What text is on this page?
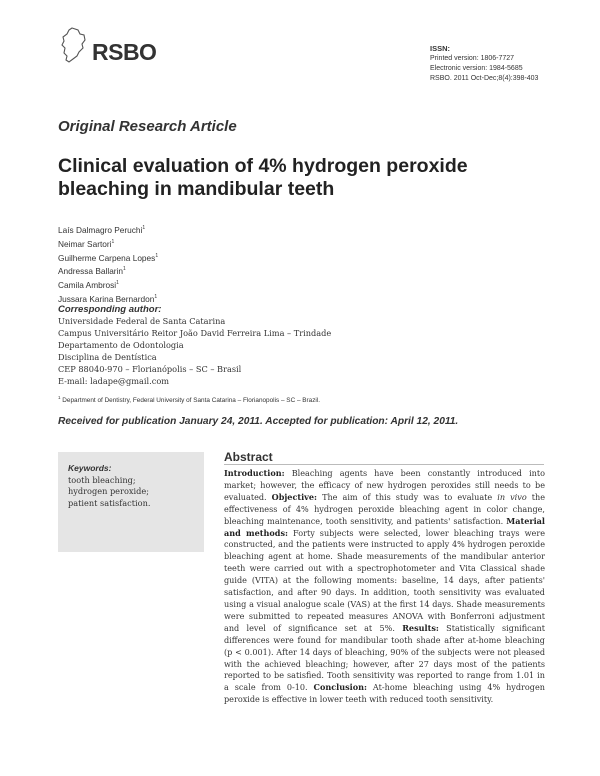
RSBO	ISSN:
Printed version: 1806-7727
Electronic version: 1984-5685
RSBO. 2011 Oct-Dec;8(4):398-403
Original Research Article
Clinical evaluation of 4% hydrogen peroxide bleaching in mandibular teeth
Laís Dalmagro Peruchi$^1$
Neimar Sartori$^1$
Guilherme Carpena Lopes$^1$
Andressa Ballarin$^1$
Camila Ambrosi$^1$
Jussara Karina Bernardon$^1$
Corresponding author:
Universidade Federal de Santa Catarina
Campus Universitário Reitor João David Ferreira Lima – Trindade
Departamento de Odontologia
Disciplina de Dentística
CEP 88040-970 – Florianópolis – SC – Brasil
E-mail: ladape@gmail.com
$^1$ Department of Dentistry, Federal University of Santa Catarina – Florianopolis – SC – Brazil.
Received for publication January 24, 2011. Accepted for publication: April 12, 2011.
Keywords:
tooth bleaching;
hydrogen peroxide;
patient satisfaction.
Abstract

Introduction: Bleaching agents have been constantly introduced into market; however, the efficacy of new hydrogen peroxides still needs to be evaluated. Objective: The aim of this study was to evaluate in vivo the effectiveness of 4% hydrogen peroxide bleaching agent in color change, bleaching maintenance, tooth sensitivity, and patients' satisfaction. Material and methods: Forty subjects were selected, lower bleaching trays were constructed, and the patients were instructed to apply 4% hydrogen peroxide bleaching agent at home. Shade measurements of the mandibular anterior teeth were carried out with a spectrophotometer and Vita Classical shade guide (VITA) at the following moments: baseline, 14 days, after patients' satisfaction, and after 90 days. In addition, tooth sensitivity was evaluated using a visual analogue scale (VAS) at the first 14 days. Shade measurements were submitted to repeated measures ANOVA with Bonferroni adjustment and level of significance set at 5%. Results: Statistically significant differences were found for mandibular tooth shade after at-home bleaching (p < 0.001). After 14 days of bleaching, 90% of the subjects were not pleased with the achieved bleaching; however, after 27 days most of the patients reported to be satisfied. Tooth sensitivity was reported to range from 1.01 in a scale from 0-10. Conclusion: At-home bleaching using 4% hydrogen peroxide is effective in lower teeth with reduced tooth sensitivity.
